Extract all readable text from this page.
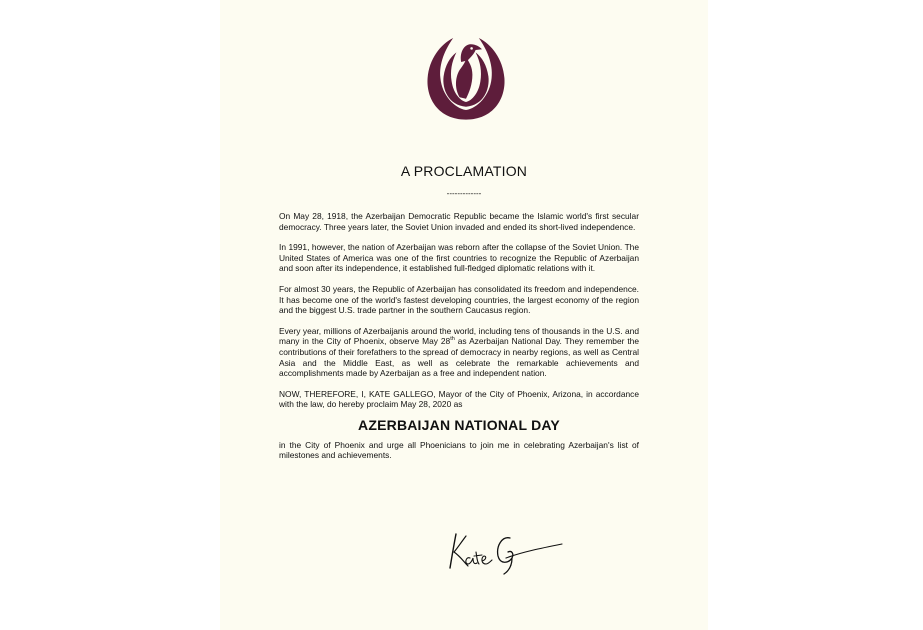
A PROCLAMATION
-------------

On May 28, 1918, the Azerbaijan Democratic Republic became the Islamic world's first secular democracy. Three years later, the Soviet Union invaded and ended its short-lived independence.

In 1991, however, the nation of Azerbaijan was reborn after the collapse of the Soviet Union. The United States of America was one of the first countries to recognize the Republic of Azerbaijan and soon after its independence, it established full-fledged diplomatic relations with it.

For almost 30 years, the Republic of Azerbaijan has consolidated its freedom and independence. It has become one of the world's fastest developing countries, the largest economy of the region and the biggest U.S. trade partner in the southern Caucasus region.

Every year, millions of Azerbaijanis around the world, including tens of thousands in the U.S. and many in the City of Phoenix, observe May 28th as Azerbaijan National Day. They remember the contributions of their forefathers to the spread of democracy in nearby regions, as well as Central Asia and the Middle East, as well as celebrate the remarkable achievements and accomplishments made by Azerbaijan as a free and independent nation.

NOW, THEREFORE, I, KATE GALLEGO, Mayor of the City of Phoenix, Arizona, in accordance with the law, do hereby proclaim May 28, 2020 as

AZERBAIJAN NATIONAL DAY

in the City of Phoenix and urge all Phoenicians to join me in celebrating Azerbaijan's list of milestones and achievements.
